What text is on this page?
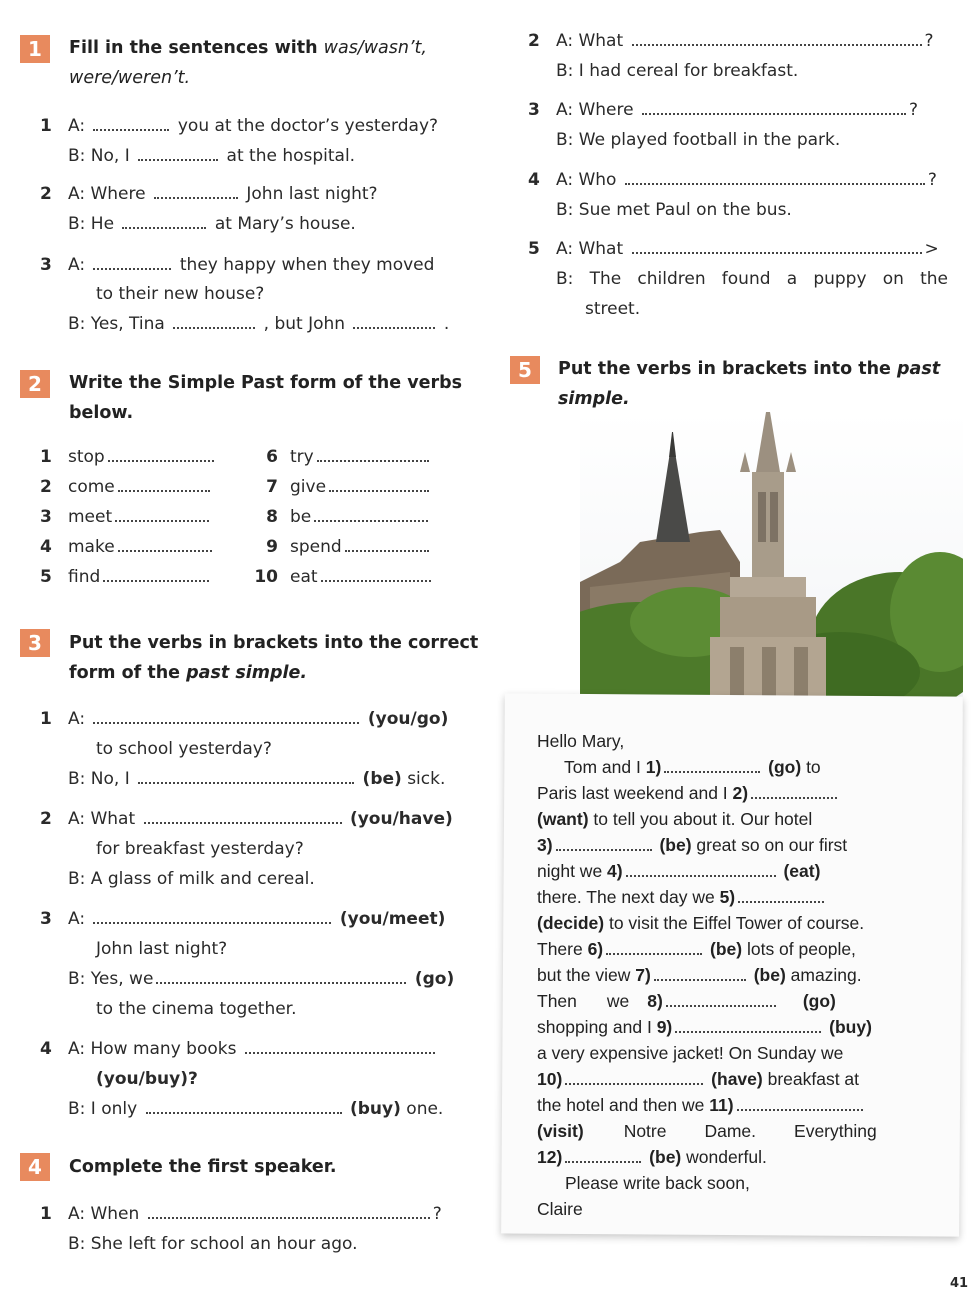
1	Fill in the sentences with was/wasn’t,
were/weren’t.
1 A:	you at the doctor’s yesterday?
B: No, I	at the hospital.
2 A: Where	John last night?
B: He	at Mary’s house.
3 A:	they happy when they moved
to their new house?
B: Yes, Tina	, but John	.
2	Write the Simple Past form of the verbs
below.
1 stop
2 come
3 meet
4 make
5 find
6 try
7 give
8 be
9 spend
10 eat
3	Put the verbs in brackets into the correct
form of the past simple.
1 A:	(you/go)
to school yesterday?
B: No, I	(be) sick.
2 A: What	(you/have)
for breakfast yesterday?
B: A glass of milk and cereal.
3 A:	(you/meet)
John last night?
B: Yes, we	(go)
to the cinema together.
4 A: How many books
(you/buy)?
B: I only	(buy) one.
4	Complete the first speaker.
1 A: When	?
B: She left for school an hour ago.
2 A: What	?
B: I had cereal for breakfast.
3 A: Where	?
B: We played football in the park.
4 A: Who	?
B: Sue met Paul on the bus.
5 A: What	>
B: The children found a puppy on the
street.
5	Put the verbs in brackets into the past
simple.
Hello Mary,
Tom and I 1)	(go) to
Paris last weekend and I 2)
(want) to tell you about it. Our hotel
3)	(be) great so on our first
night we 4)	(eat)
there. The next day we 5)
(decide) to visit the Eiffel Tower of course.
There 6)	(be) lots of people,
but the view 7)	(be) amazing.
Then we 8)	(go)
shopping and I 9)	(buy)
a very expensive jacket! On Sunday we
10)	(have) breakfast at
the hotel and then we 11)
(visit) Notre Dame. Everything
12)	(be) wonderful.
Please write back soon,
Claire
41
